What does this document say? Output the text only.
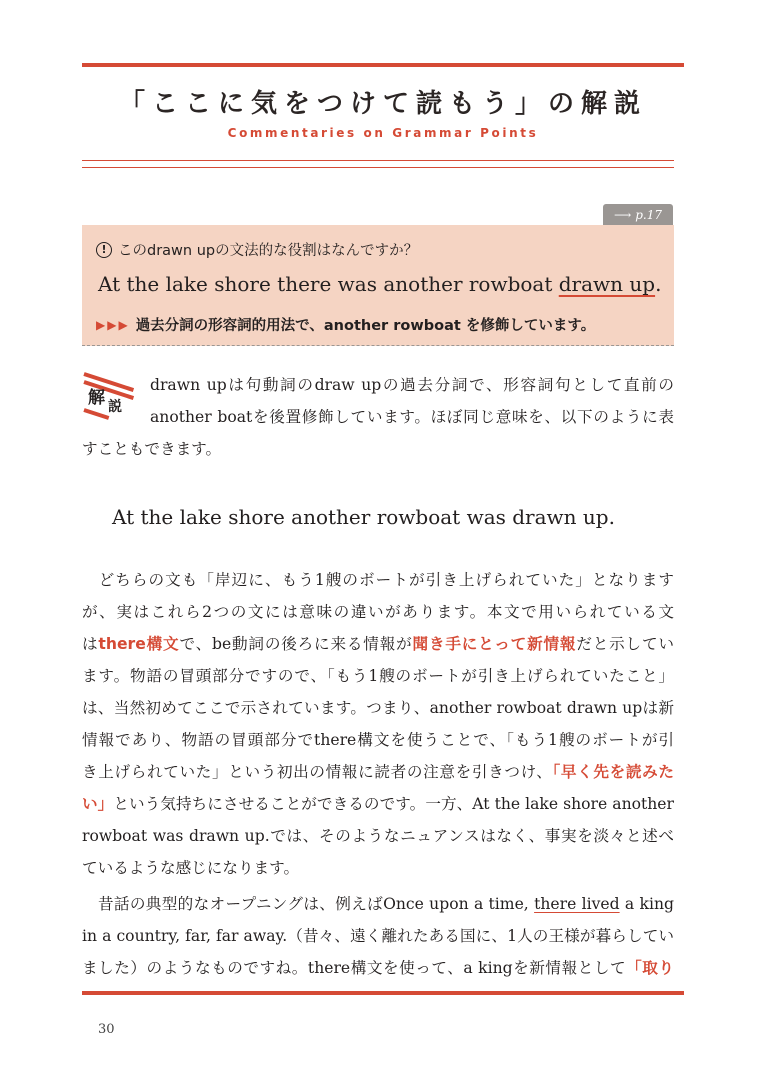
「ここに気をつけて読もう」の解説
Commentaries on Grammar Points
⟶ p.17
! このdrawn upの文法的な役割はなんですか？
At the lake shore there was another rowboat drawn up.
▶▶▶ 過去分詞の形容詞的用法で、another rowboat を修飾しています。
解 説
drawn upは句動詞のdraw upの過去分詞で、形容詞句として直前の
another boatを後置修飾しています。ほぼ同じ意味を、以下のように表
すこともできます。
At the lake shore another rowboat was drawn up.
　どちらの文も「岸辺に、もう1艘のボートが引き上げられていた」となります
が、実はこれら2つの文には意味の違いがあります。本文で用いられている文
はthere構文で、be動詞の後ろに来る情報が聞き手にとって新情報だと示してい
ます。物語の冒頭部分ですので、「もう1艘のボートが引き上げられていたこと」
は、当然初めてここで示されています。つまり、another rowboat drawn upは新
情報であり、物語の冒頭部分でthere構文を使うことで、「もう1艘のボートが引
き上げられていた」という初出の情報に読者の注意を引きつけ、「早く先を読みた
い」という気持ちにさせることができるのです。一方、At the lake shore another
rowboat was drawn up.では、そのようなニュアンスはなく、事実を淡々と述べ
ているような感じになります。
　昔話の典型的なオープニングは、例えばOnce upon a time, there lived a king
in a country, far, far away.（昔々、遠く離れたある国に、1人の王様が暮らしてい
ました）のようなものですね。there構文を使って、a kingを新情報として「取り
30
